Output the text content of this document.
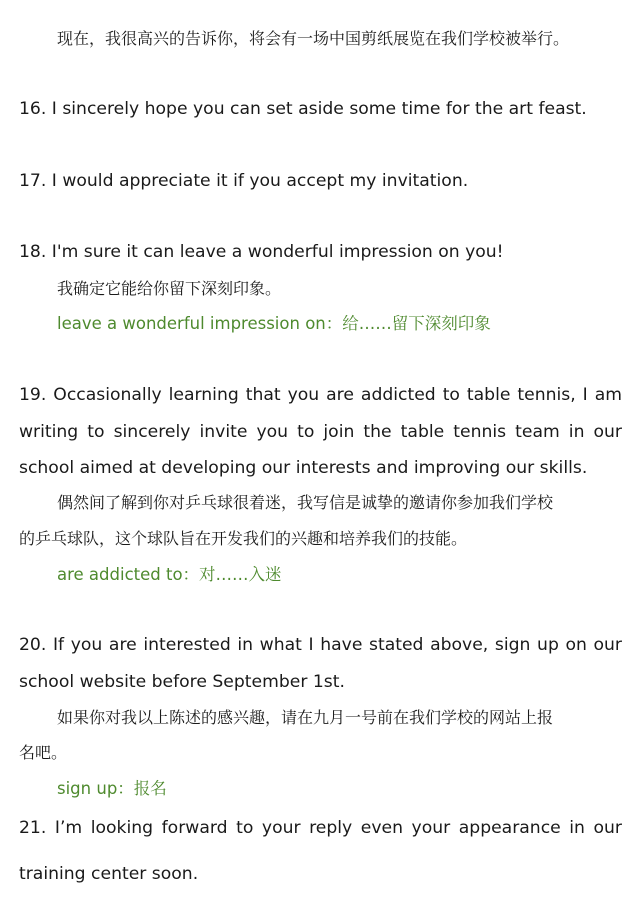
现在，我很高兴的告诉你，将会有一场中国剪纸展览在我们学校被举行。
16. I sincerely hope you can set aside some time for the art feast.
17. I would appreciate it if you accept my invitation.
18. I'm sure it can leave a wonderful impression on you!
我确定它能给你留下深刻印象。
leave a wonderful impression on：给……留下深刻印象
19. Occasionally learning that you are addicted to table tennis, I am
writing to sincerely invite you to join the table tennis team in our
school aimed at developing our interests and improving our skills.
偶然间了解到你对乒乓球很着迷，我写信是诚挚的邀请你参加我们学校
的乒乓球队，这个球队旨在开发我们的兴趣和培养我们的技能。
are addicted to：对……入迷
20. If you are interested in what I have stated above, sign up on our
school website before September 1st.
如果你对我以上陈述的感兴趣，请在九月一号前在我们学校的网站上报
名吧。
sign up：报名
21. I’m looking forward to your reply even your appearance in our
training center soon.
